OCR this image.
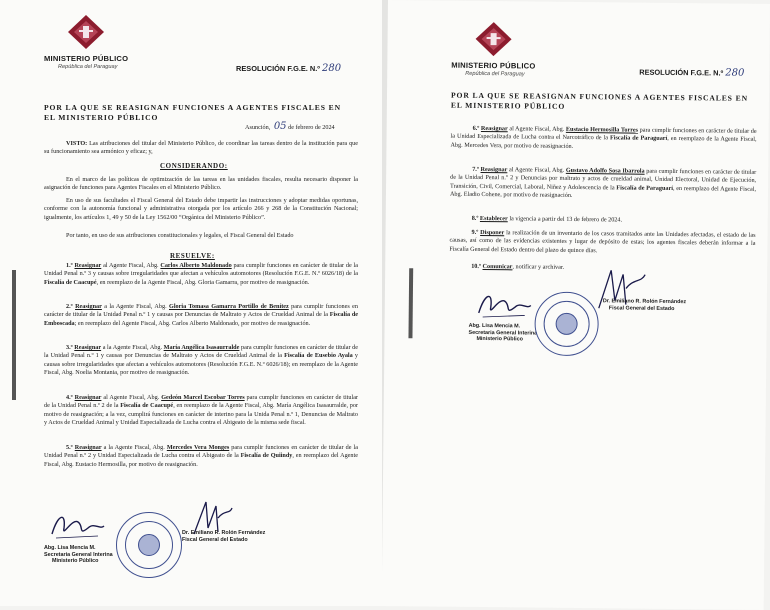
MINISTERIO PÚBLICO
República del Paraguay	RESOLUCIÓN F.G.E. N.º 280
POR LA QUE SE REASIGNAN FUNCIONES A AGENTES FISCALES EN EL MINISTERIO PÚBLICO
Asunción, 05 de febrero de 2024
VISTO: Las atribuciones del titular del Ministerio Público, de coordinar las tareas dentro de la institución para que su funcionamiento sea armónico y eficaz; y,
CONSIDERANDO:
En el marco de las políticas de optimización de las tareas en las unidades fiscales, resulta necesario disponer la asignación de funciones para Agentes Fiscales en el Ministerio Público.
En uso de sus facultades el Fiscal General del Estado debe impartir las instrucciones y adoptar medidas oportunas, conforme con la autonomía funcional y administrativa otorgada por los artículo 266 y 268 de la Constitución Nacional; igualmente, los artículos 1, 49 y 50 de la Ley 1562/00 “Orgánica del Ministerio Público”.
Por tanto, en uso de sus atribuciones constitucionales y legales, el Fiscal General del Estado
RESUELVE:
1.º Reasignar al Agente Fiscal, Abg. Carlos Alberto Maldonado para cumplir funciones en carácter de titular de la Unidad Penal n.º 3 y causas sobre irregularidades que afectan a vehículos automotores (Resolución F.G.E. N.º 6026/18) de la Fiscalía de Caacupé, en reemplazo de la Agente Fiscal, Abg. Gloria Gamarra, por motivo de reasignación.
2.º Reasignar a la Agente Fiscal, Abg. Gloria Tomasa Gamarra Portillo de Benítez para cumplir funciones en carácter de titular de la Unidad Penal n.º 1 y causas por Denuncias de Maltrato y Actos de Crueldad Animal de la Fiscalía de Emboscada; en reemplazo del Agente Fiscal, Abg. Carlos Alberto Maldonado, por motivo de reasignación.
3.º Reasignar a la Agente Fiscal, Abg. María Angélica Isasaurralde para cumplir funciones en carácter de titular de la Unidad Penal n.º 1 y causas por Denuncias de Maltrato y Actos de Crueldad Animal de la Fiscalía de Eusebio Ayala y causas sobre irregularidades que afectan a vehículos automotores (Resolución F.G.E. N.º 6026/18); en reemplazo de la Agente Fiscal, Abg. Noelia Montania, por motivo de reasignación.
4.º Reasignar al Agente Fiscal, Abg. Gedeón Marcel Escobar Torres para cumplir funciones en carácter de titular de la Unidad Penal n.º 2 de la Fiscalía de Caacupé, en reemplazo de la Agente Fiscal, Abg. María Angélica Isasaurralde, por motivo de reasignación; a la vez, cumplirá funciones en carácter de interino para la Unida Penal n.º 1, Denuncias de Maltrato y Actos de Crueldad Animal y Unidad Especializada de Lucha contra el Abigeato de la misma sede fiscal.
5.º Reasignar a la Agente Fiscal, Abg. Mercedes Vera Monges para cumplir funciones en carácter de titular de la Unidad Penal n.º 2 y Unidad Especializada de Lucha contra el Abigeato de la Fiscalía de Quiindy, en reemplazo del Agente Fiscal, Abg. Eustacio Hermosilla, por motivo de reasignación.
Abg. Lisa Mencia M.
Secretaria General Interina
Ministerio Público
Dr. Emiliano R. Rolón Fernández
Fiscal General del Estado
MINISTERIO PÚBLICO
República del Paraguay	RESOLUCIÓN F.G.E. N.º 280
POR LA QUE SE REASIGNAN FUNCIONES A AGENTES FISCALES EN EL MINISTERIO PÚBLICO
6.º Reasignar al Agente Fiscal, Abg. Eustacio Hermosilla Torres para cumplir funciones en carácter de titular de la Unidad Especializada de Lucha contra el Narcotráfico de la Fiscalía de Paraguarí, en reemplazo de la Agente Fiscal, Abg. Mercedes Vera, por motivo de reasignación.
7.º Reasignar al Agente Fiscal, Abg. Gustavo Adolfo Sosa Ibarrola para cumplir funciones en carácter de titular de la Unidad Penal n.º 2 y Denuncias por maltrato y actos de crueldad animal, Unidad Electoral, Unidad de Ejecución, Transición, Civil, Comercial, Laboral, Niñez y Adolescencia de la Fiscalía de Paraguarí, en reemplazo del Agente Fiscal, Abg. Eladio Cohene, por motivo de reasignación.
8.º Establecer la vigencia a partir del 13 de febrero de 2024.
9.º Disponer la realización de un inventario de los casos tramitados ante las Unidades afectadas, el estado de las causas, así como de las evidencias existentes y lugar de depósito de estas; los agentes fiscales deberán informar a la Fiscalía General del Estado dentro del plazo de quince días.
10.º Comunicar, notificar y archivar.
Dr. Emiliano R. Rolón Fernández
Fiscal General del Estado
Abg. Lisa Mencia M.
Secretaria General Interina
Ministerio Público
